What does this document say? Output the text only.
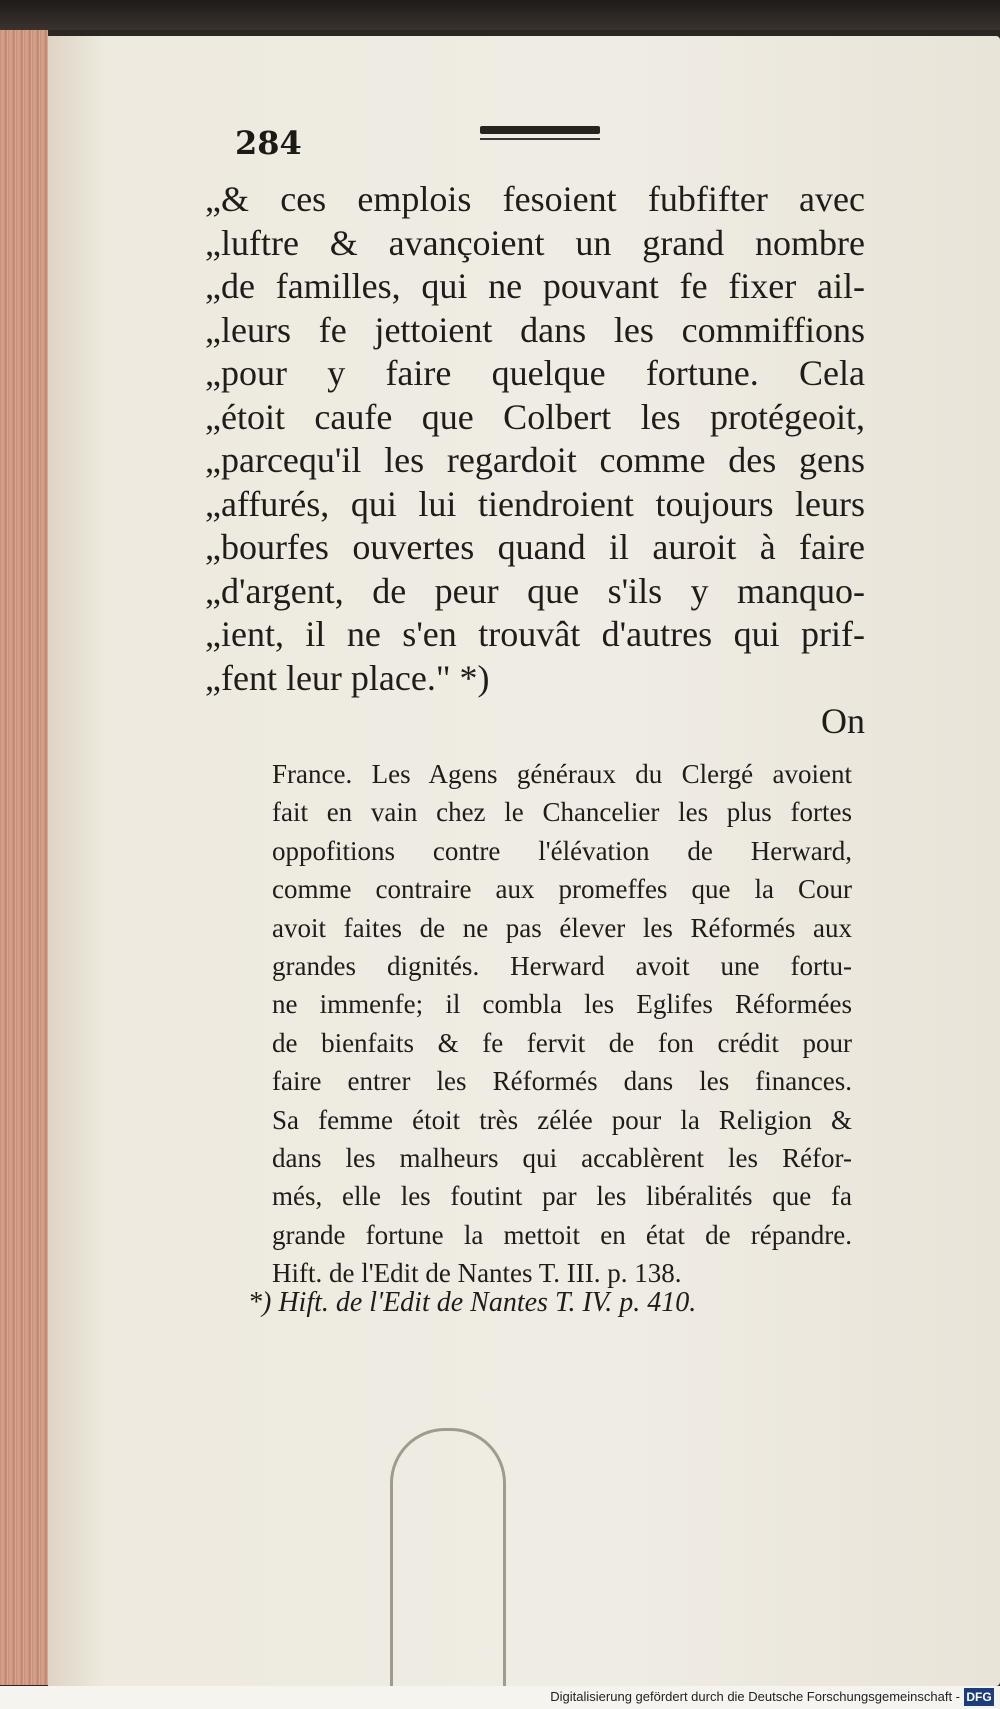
284
„& ces emplois fesoient fubfifter avec
„luftre & avançoient un grand nombre
„de familles, qui ne pouvant fe fixer ail-
„leurs fe jettoient dans les commiffions
„pour y faire quelque fortune. Cela
„étoit caufe que Colbert les protégeoit,
„parcequ'il les regardoit comme des gens
„affurés, qui lui tiendroient toujours leurs
„bourfes ouvertes quand il auroit à faire
„d'argent, de peur que s'ils y manquo-
„ient, il ne s'en trouvât d'autres qui prif-
„fent leur place." *)
On
France. Les Agens généraux du Clergé avoient
fait en vain chez le Chancelier les plus fortes
oppofitions contre l'élévation de Herward,
comme contraire aux promeffes que la Cour
avoit faites de ne pas élever les Réformés aux
grandes dignités. Herward avoit une fortu-
ne immenfe; il combla les Eglifes Réformées
de bienfaits & fe fervit de fon crédit pour
faire entrer les Réformés dans les finances.
Sa femme étoit très zélée pour la Religion &
dans les malheurs qui accablèrent les Réfor-
més, elle les foutint par les libéralités que fa
grande fortune la mettoit en état de répandre.
Hift. de l'Edit de Nantes T. III. p. 138.
*) Hift. de l'Edit de Nantes T. IV. p. 410.
Digitalisierung gefördert durch die Deutsche Forschungsgemeinschaft - DFG
